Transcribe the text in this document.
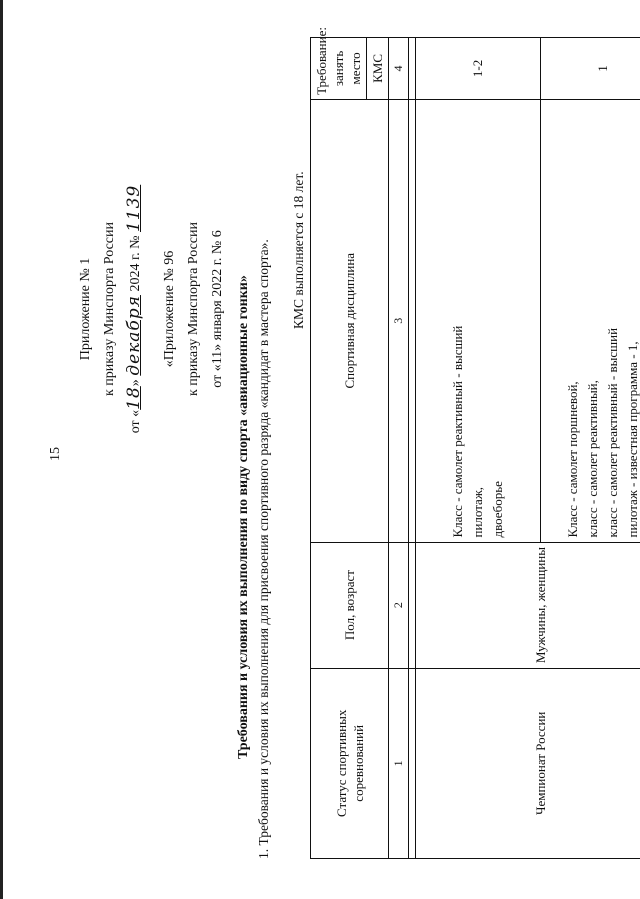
15
Приложение № 1 к приказу Минспорта России
от «18» декабря 2024 г. № 1139
«Приложение № 96 к приказу Минспорта России от «11» января 2022 г. № 6 Требования и условия их выполнения по виду спорта «авиационные гонки» 1. Требования и условия их выполнения для присвоения спортивного разряда «кандидат в мастера спорта». КМС выполняется с 18 лет.
Статус спортивных соревнований	Пол, возраст	Спортивная дисциплина	Требование: занять место
			КМС
1	2	3	4

Чемпионат России	Мужчины, женщины	Класс - самолет реактивный - высший пилотаж, двоеборье	1-2

		Класс - самолет поршневой, класс - самолет реактивный, класс - самолет реактивный - высший пилотаж - известная программа - 1,	1
